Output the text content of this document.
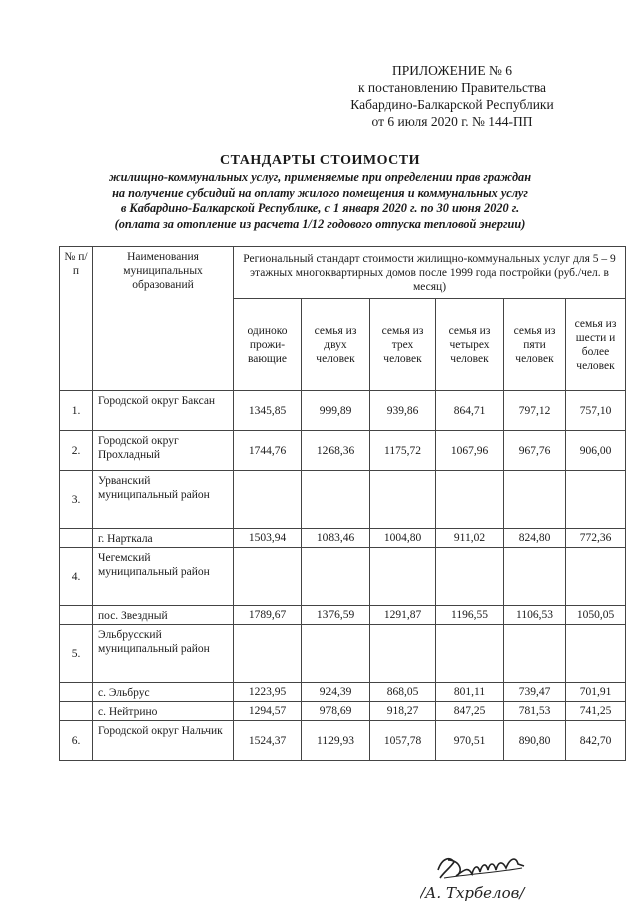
ПРИЛОЖЕНИЕ № 6
к постановлению Правительства
Кабардино-Балкарской Республики
от 6 июля 2020 г. № 144-ПП
СТАНДАРТЫ СТОИМОСТИ
жилищно-коммунальных услуг, применяемые при определении прав граждан
на получение субсидий на оплату жилого помещения и коммунальных услуг
в Кабардино-Балкарской Республике, с 1 января 2020 г. по 30 июня 2020 г.
(оплата за отопление из расчета 1/12 годового отпуска тепловой энергии)
№ п/п	Наименования муниципальных образований	Региональный стандарт стоимости жилищно-коммунальных услуг для 5 – 9 этажных многоквартирных домов после 1999 года постройки (руб./чел. в месяц)					
		одиноко прожи-вающие	семья из двух человек	семья из трех человек	семья из четырех человек	семья из пяти человек	семья из шести и более человек
1.	Городской округ Баксан	1345,85	999,89	939,86	864,71	797,12	757,10
2.	Городской округ Прохладный	1744,76	1268,36	1175,72	1067,96	967,76	906,00
3.	Урванский муниципальный район						
	г. Нарткала	1503,94	1083,46	1004,80	911,02	824,80	772,36
4.	Чегемский муниципальный район						
	пос. Звездный	1789,67	1376,59	1291,87	1196,55	1106,53	1050,05
5.	Эльбрусский муниципальный район						
	с. Эльбрус	1223,95	924,39	868,05	801,11	739,47	701,91
	с. Нейтрино	1294,57	978,69	918,27	847,25	781,53	741,25
6.	Городской округ Нальчик	1524,37	1129,93	1057,78	970,51	890,80	842,70
/А. Тхрбелов/
